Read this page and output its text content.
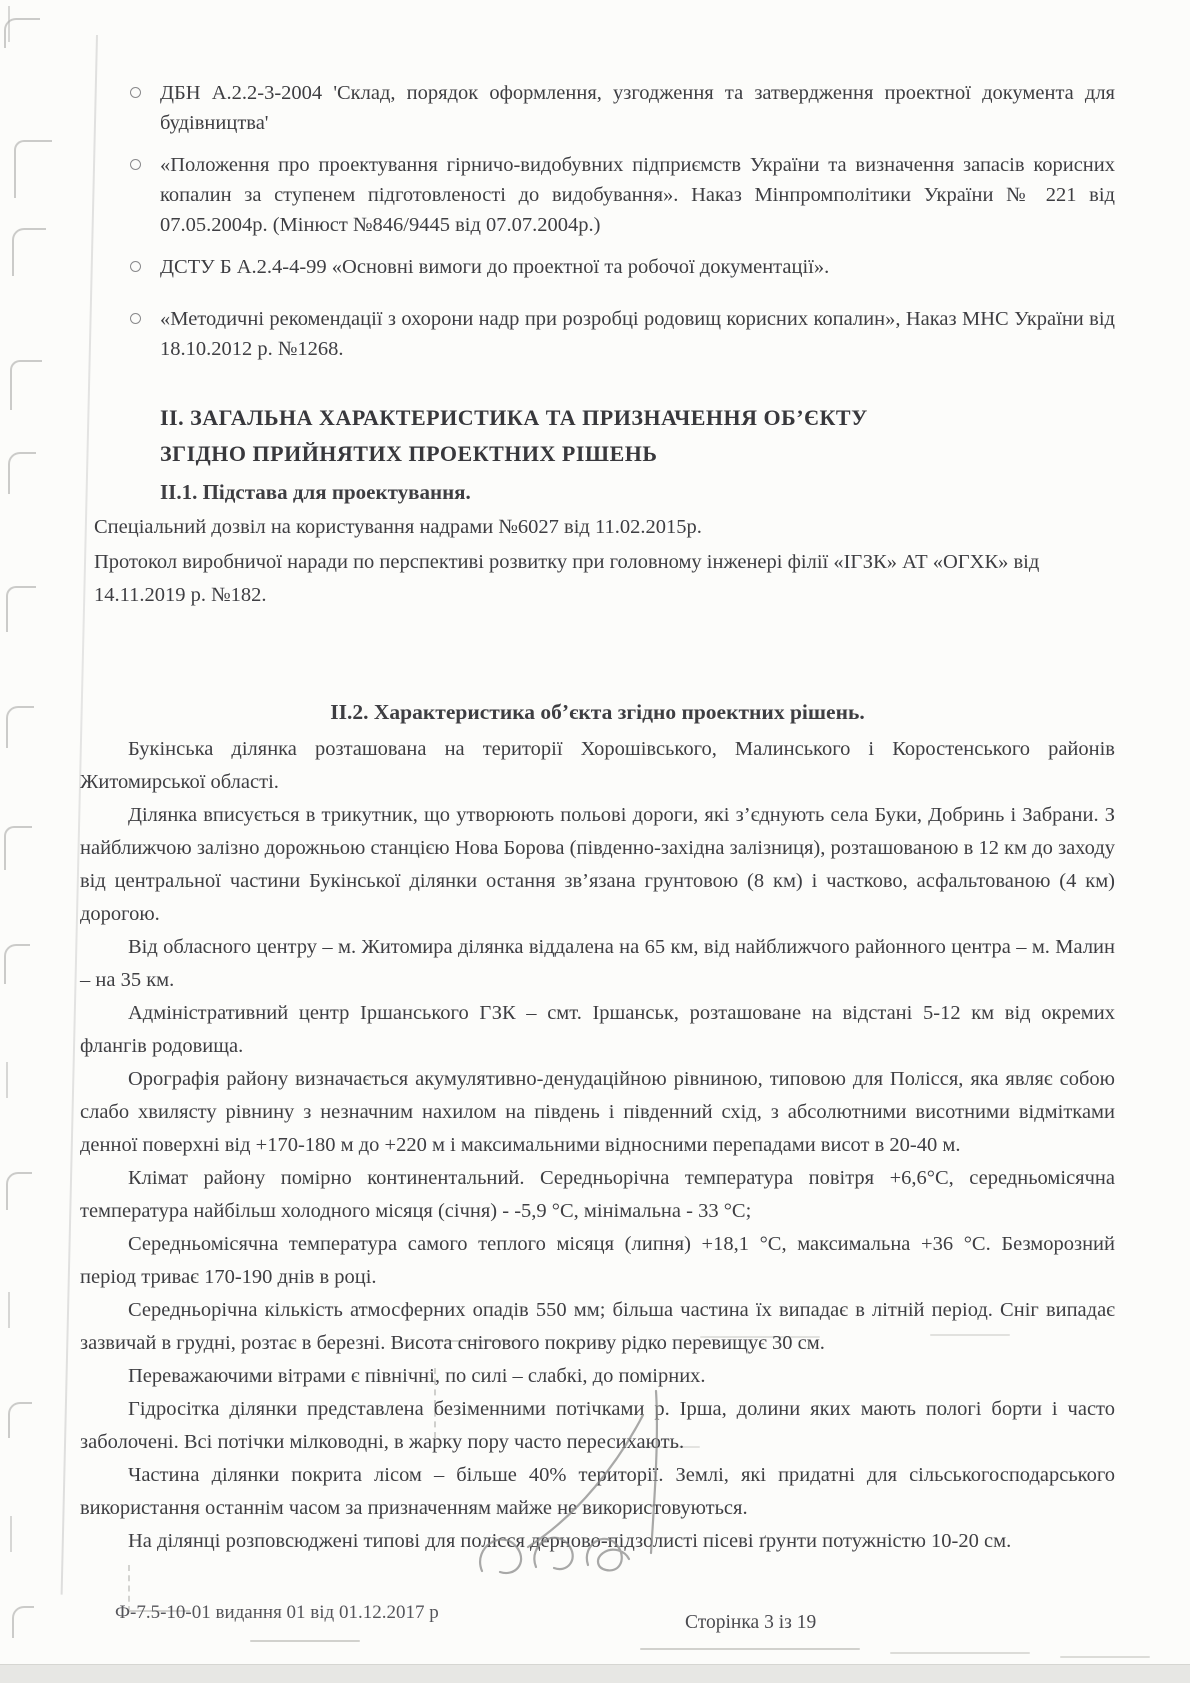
ДБН А.2.2-3-2004 'Склад, порядок оформлення, узгодження та затвердження проектної документа для будівництва'
«Положення про проектування гірничо-видобувних підприємств України та визначення запасів корисних копалин за ступенем підготовленості до видобування». Наказ Мінпромполітики України № 221 від 07.05.2004р. (Мінюст №846/9445 від 07.07.2004р.)
ДСТУ Б А.2.4-4-99 «Основні вимоги до проектної та робочої документації».
«Методичні рекомендації з охорони надр при розробці родовищ корисних копалин», Наказ МНС України від 18.10.2012 р. №1268.
ІІ. ЗАГАЛЬНА ХАРАКТЕРИСТИКА ТА ПРИЗНАЧЕННЯ ОБ’ЄКТУ
ЗГІДНО ПРИЙНЯТИХ ПРОЕКТНИХ РІШЕНЬ
ІІ.1. Підстава для проектування.

Спеціальний дозвіл на користування надрами №6027 від 11.02.2015р.

Протокол виробничої наради по перспективі розвитку при головному інженері філії «ІГЗК» АТ «ОГХК» від 14.11.2019 р. №182.

ІІ.2. Характеристика об’єкта згідно проектних рішень.

Букінська ділянка розташована на території Хорошівського, Малинського і Коростенського районів Житомирської області.

Ділянка вписується в трикутник, що утворюють польові дороги, які з’єднують села Буки, Добринь і Забрани. З найближчою залізно дорожньою станцією Нова Борова (південно-західна залізниця), розташованою в 12 км до заходу від центральної частини Букінської ділянки остання зв’язана грунтовою (8 км) і частково, асфальтованою (4 км) дорогою.

Від обласного центру – м. Житомира ділянка віддалена на 65 км, від найближчого районного центра – м. Малин – на 35 км.

Адміністративний центр Іршанського ГЗК – смт. Іршанськ, розташоване на відстані 5-12 км від окремих флангів родовища.

Орографія району визначається акумулятивно-денудаційною рівниною, типовою для Полісся, яка являє собою слабо хвилясту рівнину з незначним нахилом на південь і південний схід, з абсолютними висотними відмітками денної поверхні від +170-180 м до +220 м і максимальними відносними перепадами висот в 20-40 м.

Клімат району помірно континентальний. Середньорічна температура повітря +6,6°С, середньомісячна температура найбільш холодного місяця (січня) - -5,9 °С, мінімальна - 33 °С;

Середньомісячна температура самого теплого місяця (липня) +18,1 °С, максимальна +36 °С. Безморозний період триває 170-190 днів в році.

Середньорічна кількість атмосферних опадів 550 мм; більша частина їх випадає в літній період. Сніг випадає зазвичай в грудні, розтає в березні. Висота снігового покриву рідко перевищує 30 см.

Переважаючими вітрами є північні, по силі – слабкі, до помірних.

Гідросітка ділянки представлена безіменними потічками р. Ірша, долини яких мають пологі борти і часто заболочені. Всі потічки мілководні, в жарку пору часто пересихають.

Частина ділянки покрита лісом – більше 40% території. Землі, які придатні для сільськогосподарського використання останнім часом за призначенням майже не використовуються.

На ділянці розповсюджені типові для полісся дерново-підзолисті пісеві ґрунти потужністю 10-20 см.

Ф-7.5-10-01 видання 01 від 01.12.2017 р	Сторінка 3 із 19
